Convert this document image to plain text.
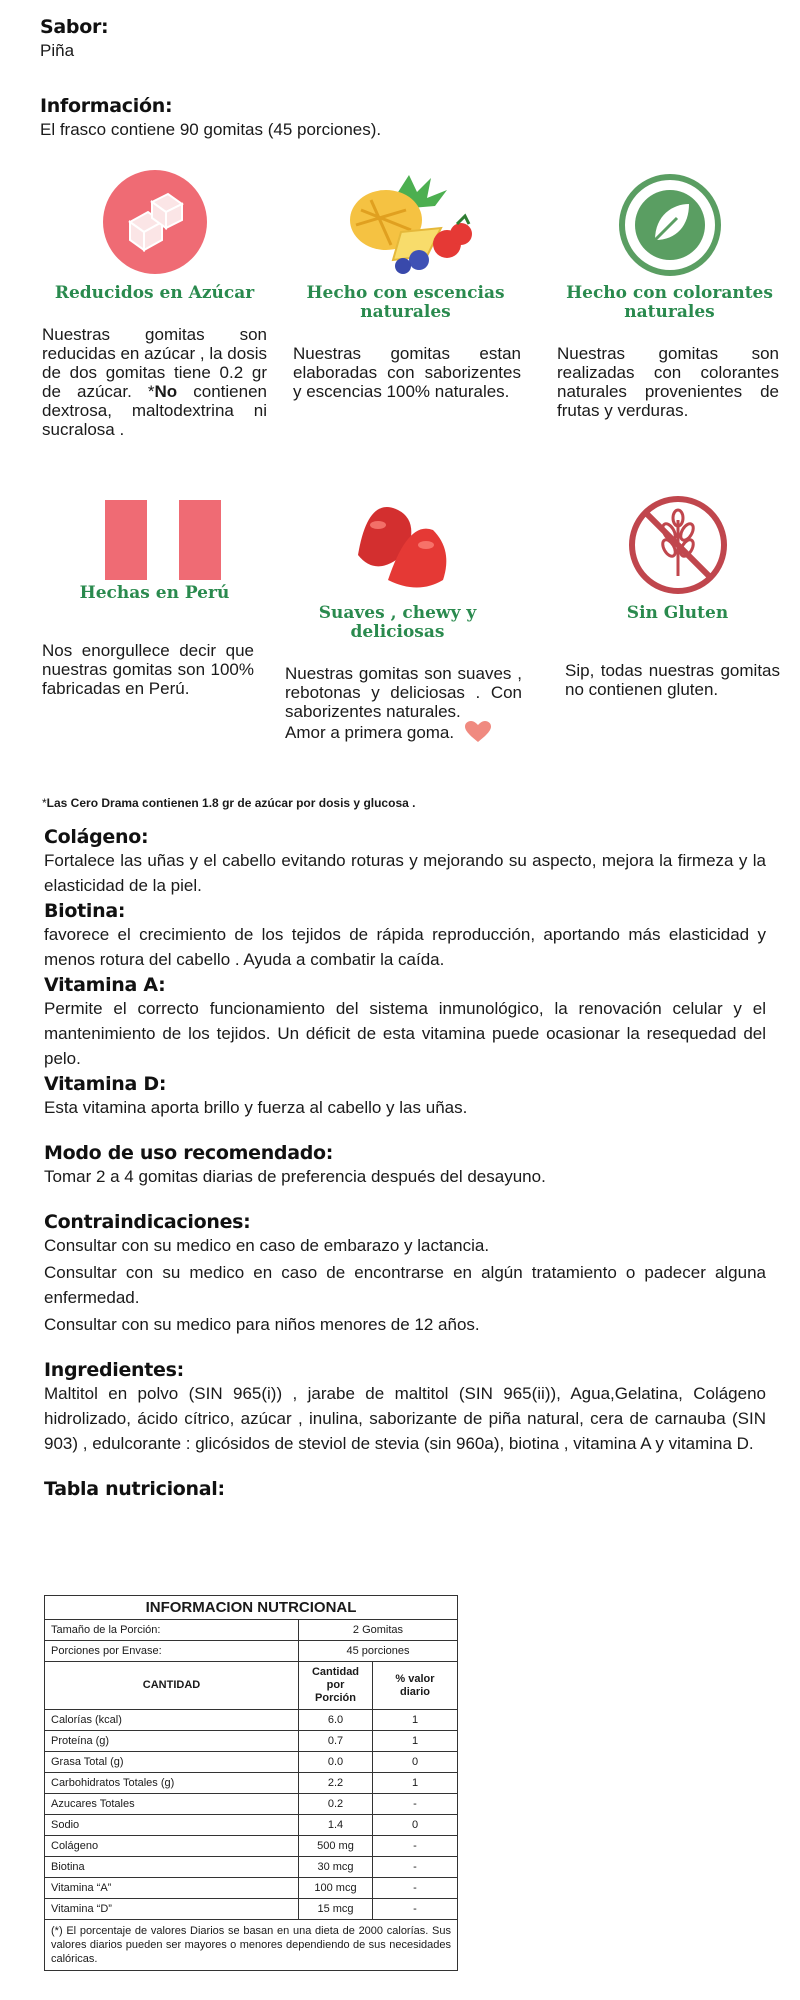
Sabor:
Piña
Información:
El frasco contiene 90 gomitas (45 porciones).
Reducidos en Azúcar
Nuestras gomitas son reducidas en azúcar , la dosis de dos gomitas tiene 0.2 gr de azúcar. *No contienen dextrosa, maltodextrina ni sucralosa .
Hecho con escencias naturales
Nuestras gomitas estan elaboradas con saborizentes y escencias 100% naturales.
Hecho con colorantes naturales
Nuestras gomitas son realizadas con colorantes naturales provenientes de frutas y verduras.
Hechas en Perú
Nos enorgullece decir que nuestras gomitas son 100% fabricadas en Perú.
Suaves , chewy y deliciosas
Nuestras gomitas son suaves , rebotonas y deliciosas . Con saborizentes naturales.
Amor a primera goma.
Sin Gluten
Sip, todas nuestras gomitas no contienen gluten.
*Las Cero Drama contienen 1.8 gr de azúcar por dosis y glucosa .
Colágeno:
Fortalece las uñas y el cabello evitando roturas y mejorando su aspecto, mejora la firmeza y la elasticidad de la piel.
Biotina:
favorece el crecimiento de los tejidos de rápida reproducción, aportando más elasticidad y menos rotura del cabello . Ayuda a combatir la caída.
Vitamina A:
Permite el correcto funcionamiento del sistema inmunológico, la renovación celular y el mantenimiento de los tejidos. Un déficit de esta vitamina puede ocasionar la resequedad del pelo.
Vitamina D:
Esta vitamina aporta brillo y fuerza al cabello y las uñas.
Modo de uso recomendado:
Tomar 2 a 4 gomitas diarias de preferencia después del desayuno.
Contraindicaciones:
Consultar con su medico en caso de embarazo y lactancia.
Consultar con su medico en caso de encontrarse en algún tratamiento o padecer alguna enfermedad.
Consultar con su medico para niños menores de 12 años.
Ingredientes:
Maltitol en polvo (SIN 965(i)) , jarabe de maltitol (SIN 965(ii)), Agua,Gelatina, Colágeno hidrolizado, ácido cítrico, azúcar , inulina, saborizante de piña natural, cera de carnauba (SIN 903) , edulcorante : glicósidos de steviol de stevia (sin 960a), biotina , vitamina A y vitamina D.
Tabla nutricional:
INFORMACION NUTRCIONAL		
Tamaño de la Porción:	2 Gomitas	
Porciones por Envase:	45 porciones	
CANTIDAD	Cantidad por Porción	% valor diario
Calorías (kcal)	6.0	1
Proteína (g)	0.7	1
Grasa Total (g)	0.0	0
Carbohidratos Totales (g)	2.2	1
Azucares Totales	0.2	-
Sodio	1.4	0
Colágeno	500 mg	-
Biotina	30 mcg	-
Vitamina “A”	100 mcg	-
Vitamina “D”	15 mcg	-
(*) El porcentaje de valores Diarios se basan en una dieta de 2000 calorías. Sus valores diarios pueden ser mayores o menores dependiendo de sus necesidades calóricas.		
